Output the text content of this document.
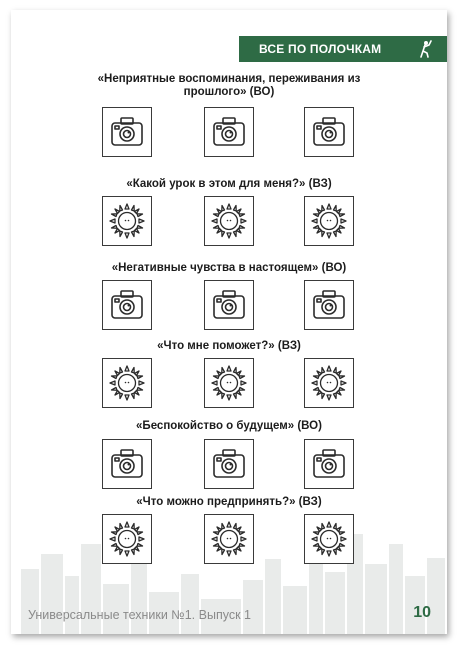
ВСЕ ПО ПОЛОЧКАМ
«Неприятные воспоминания, переживания из прошлого» (ВО)
«Какой урок в этом для меня?» (ВЗ)
«Негативные чувства в настоящем» (ВО)
«Что мне поможет?» (ВЗ)
«Беспокойство о будущем» (ВО)
«Что можно предпринять?» (ВЗ)
Универсальные техники №1. Выпуск 1	10
